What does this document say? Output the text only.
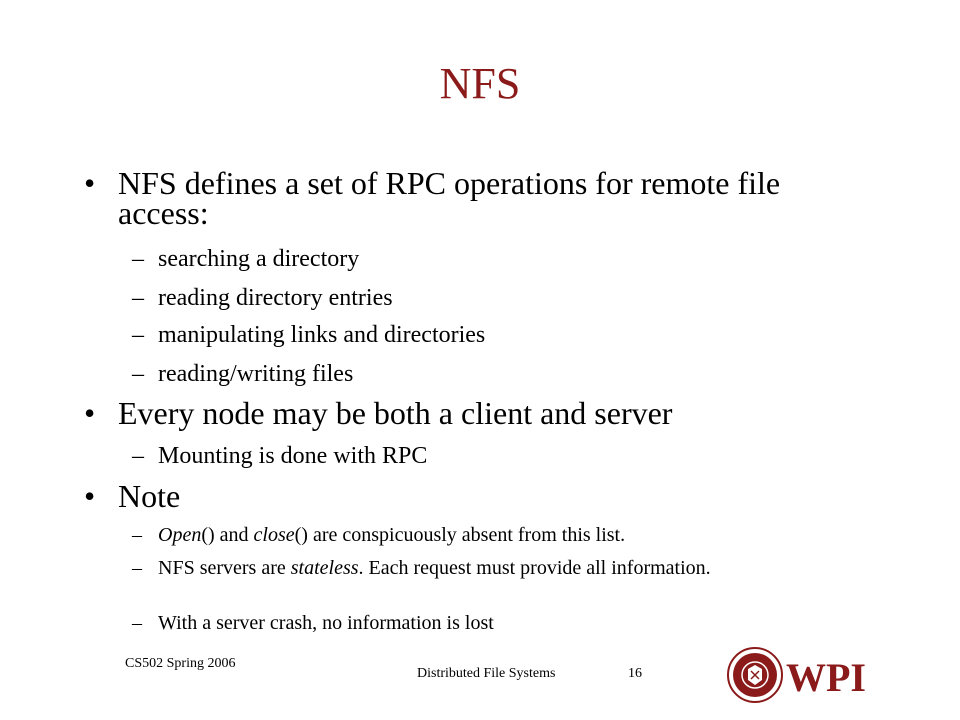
NFS
• NFS defines a set of RPC operations for remote file access:
– searching a directory
– reading directory entries
– manipulating links and directories
– reading/writing files
• Every node may be both a client and server
– Mounting is done with RPC
• Note
– Open() and close() are conspicuously absent from this list.
– NFS servers are stateless. Each request must provide all information.
– With a server crash, no information is lost
CS502 Spring 2006
Distributed File Systems	16	WPI
